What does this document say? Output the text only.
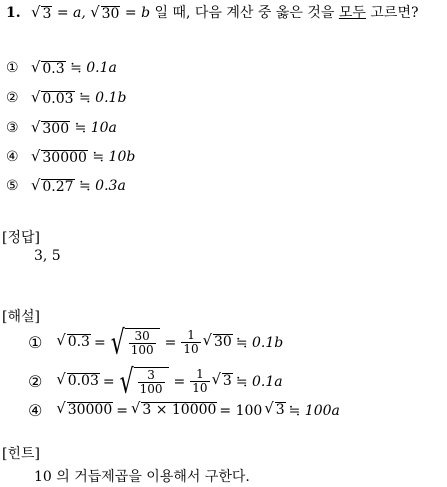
1. √ 3 = a, √ 30 = b 일 때, 다음 계산 중 옳은 것을 모두 고르면?
① √ 0.3 ≒ 0.1a
② √ 0.03 ≒ 0.1b
③ √ 300 ≒ 10a
④ √ 30000 ≒ 10b
⑤ √ 0.27 ≒ 0.3a
[정답]
3, 5
[해설]
① √ 0.3 = √ $\frac{30}{100} = \frac{1}{10}$ √ 30 ≒ 0.1b
② √ 0.03 = √ $\frac{3}{100} = \frac{1}{10}$ √ 3 ≒ 0.1a
④ √ 30000 = √ 3 × 10000 = 100 √ 3 ≒ 100a
[힌트]
10 의 거듭제곱을 이용해서 구한다.
